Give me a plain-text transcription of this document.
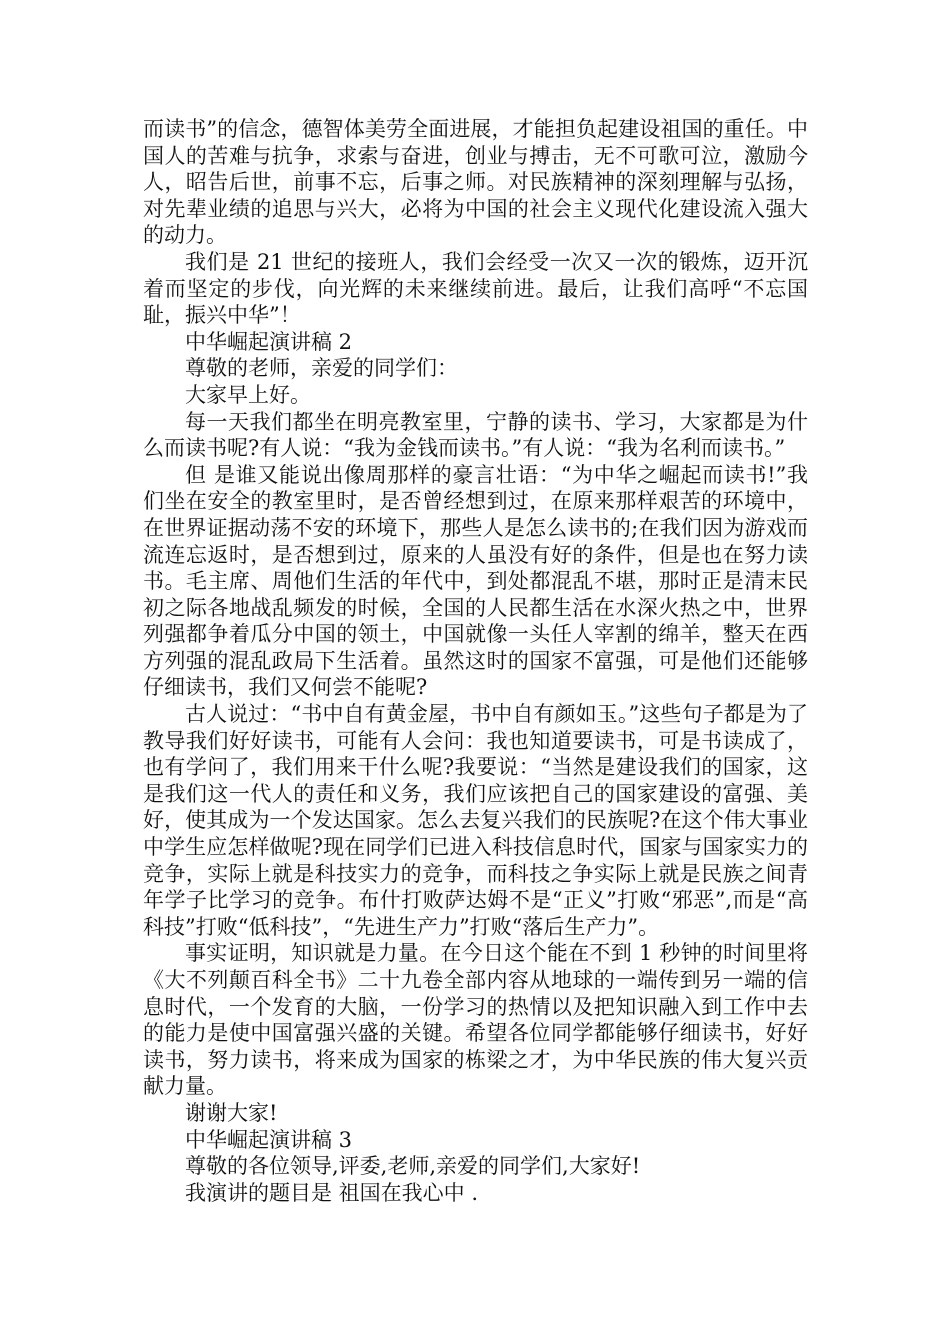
而读书”的信念，德智体美劳全面进展，才能担负起建设祖国的重任。中国人的苦难与抗争，求索与奋进，创业与搏击，无不可歌可泣，激励今人，昭告后世，前事不忘，后事之师。对民族精神的深刻理解与弘扬，对先辈业绩的追思与兴大，必将为中国的社会主义现代化建设流入强大的动力。

我们是 21 世纪的接班人，我们会经受一次又一次的锻炼，迈开沉着而坚定的步伐，向光辉的未来继续前进。最后，让我们高呼“不忘国耻，振兴中华”！

中华崛起演讲稿 2

尊敬的老师，亲爱的同学们：

大家早上好。

每一天我们都坐在明亮教室里，宁静的读书、学习，大家都是为什么而读书呢?有人说：“我为金钱而读书。”有人说：“我为名利而读书。”

但 是谁又能说出像周那样的豪言壮语：“为中华之崛起而读书!”我们坐在安全的教室里时，是否曾经想到过，在原来那样艰苦的环境中，在世界证据动荡不安的环境下，那些人是怎么读书的;在我们因为游戏而流连忘返时，是否想到过，原来的人虽没有好的条件，但是也在努力读书。毛主席、周他们生活的年代中，到处都混乱不堪，那时正是清末民初之际各地战乱频发的时候，全国的人民都生活在水深火热之中，世界列强都争着瓜分中国的领土，中国就像一头任人宰割的绵羊，整天在西方列强的混乱政局下生活着。虽然这时的国家不富强，可是他们还能够仔细读书，我们又何尝不能呢?

古人说过：“书中自有黄金屋，书中自有颜如玉。”这些句子都是为了教导我们好好读书，可能有人会问：我也知道要读书，可是书读成了，也有学问了，我们用来干什么呢?我要说：“当然是建设我们的国家，这是我们这一代人的责任和义务，我们应该把自己的国家建设的富强、美好，使其成为一个发达国家。怎么去复兴我们的民族呢?在这个伟大事业中学生应怎样做呢?现在同学们已进入科技信息时代，国家与国家实力的竞争，实际上就是科技实力的竞争，而科技之争实际上就是民族之间青年学子比学习的竞争。布什打败萨达姆不是“正义”打败“邪恶”,而是“高科技”打败“低科技”，“先进生产力”打败“落后生产力”。

事实证明，知识就是力量。在今日这个能在不到 1 秒钟的时间里将《大不列颠百科全书》二十九卷全部内容从地球的一端传到另一端的信息时代，一个发育的大脑，一份学习的热情以及把知识融入到工作中去的能力是使中国富强兴盛的关键。希望各位同学都能够仔细读书，好好读书，努力读书，将来成为国家的栋梁之才，为中华民族的伟大复兴贡献力量。

谢谢大家!

中华崛起演讲稿 3

尊敬的各位领导,评委,老师,亲爱的同学们,大家好!

我演讲的题目是 祖国在我心中 .
